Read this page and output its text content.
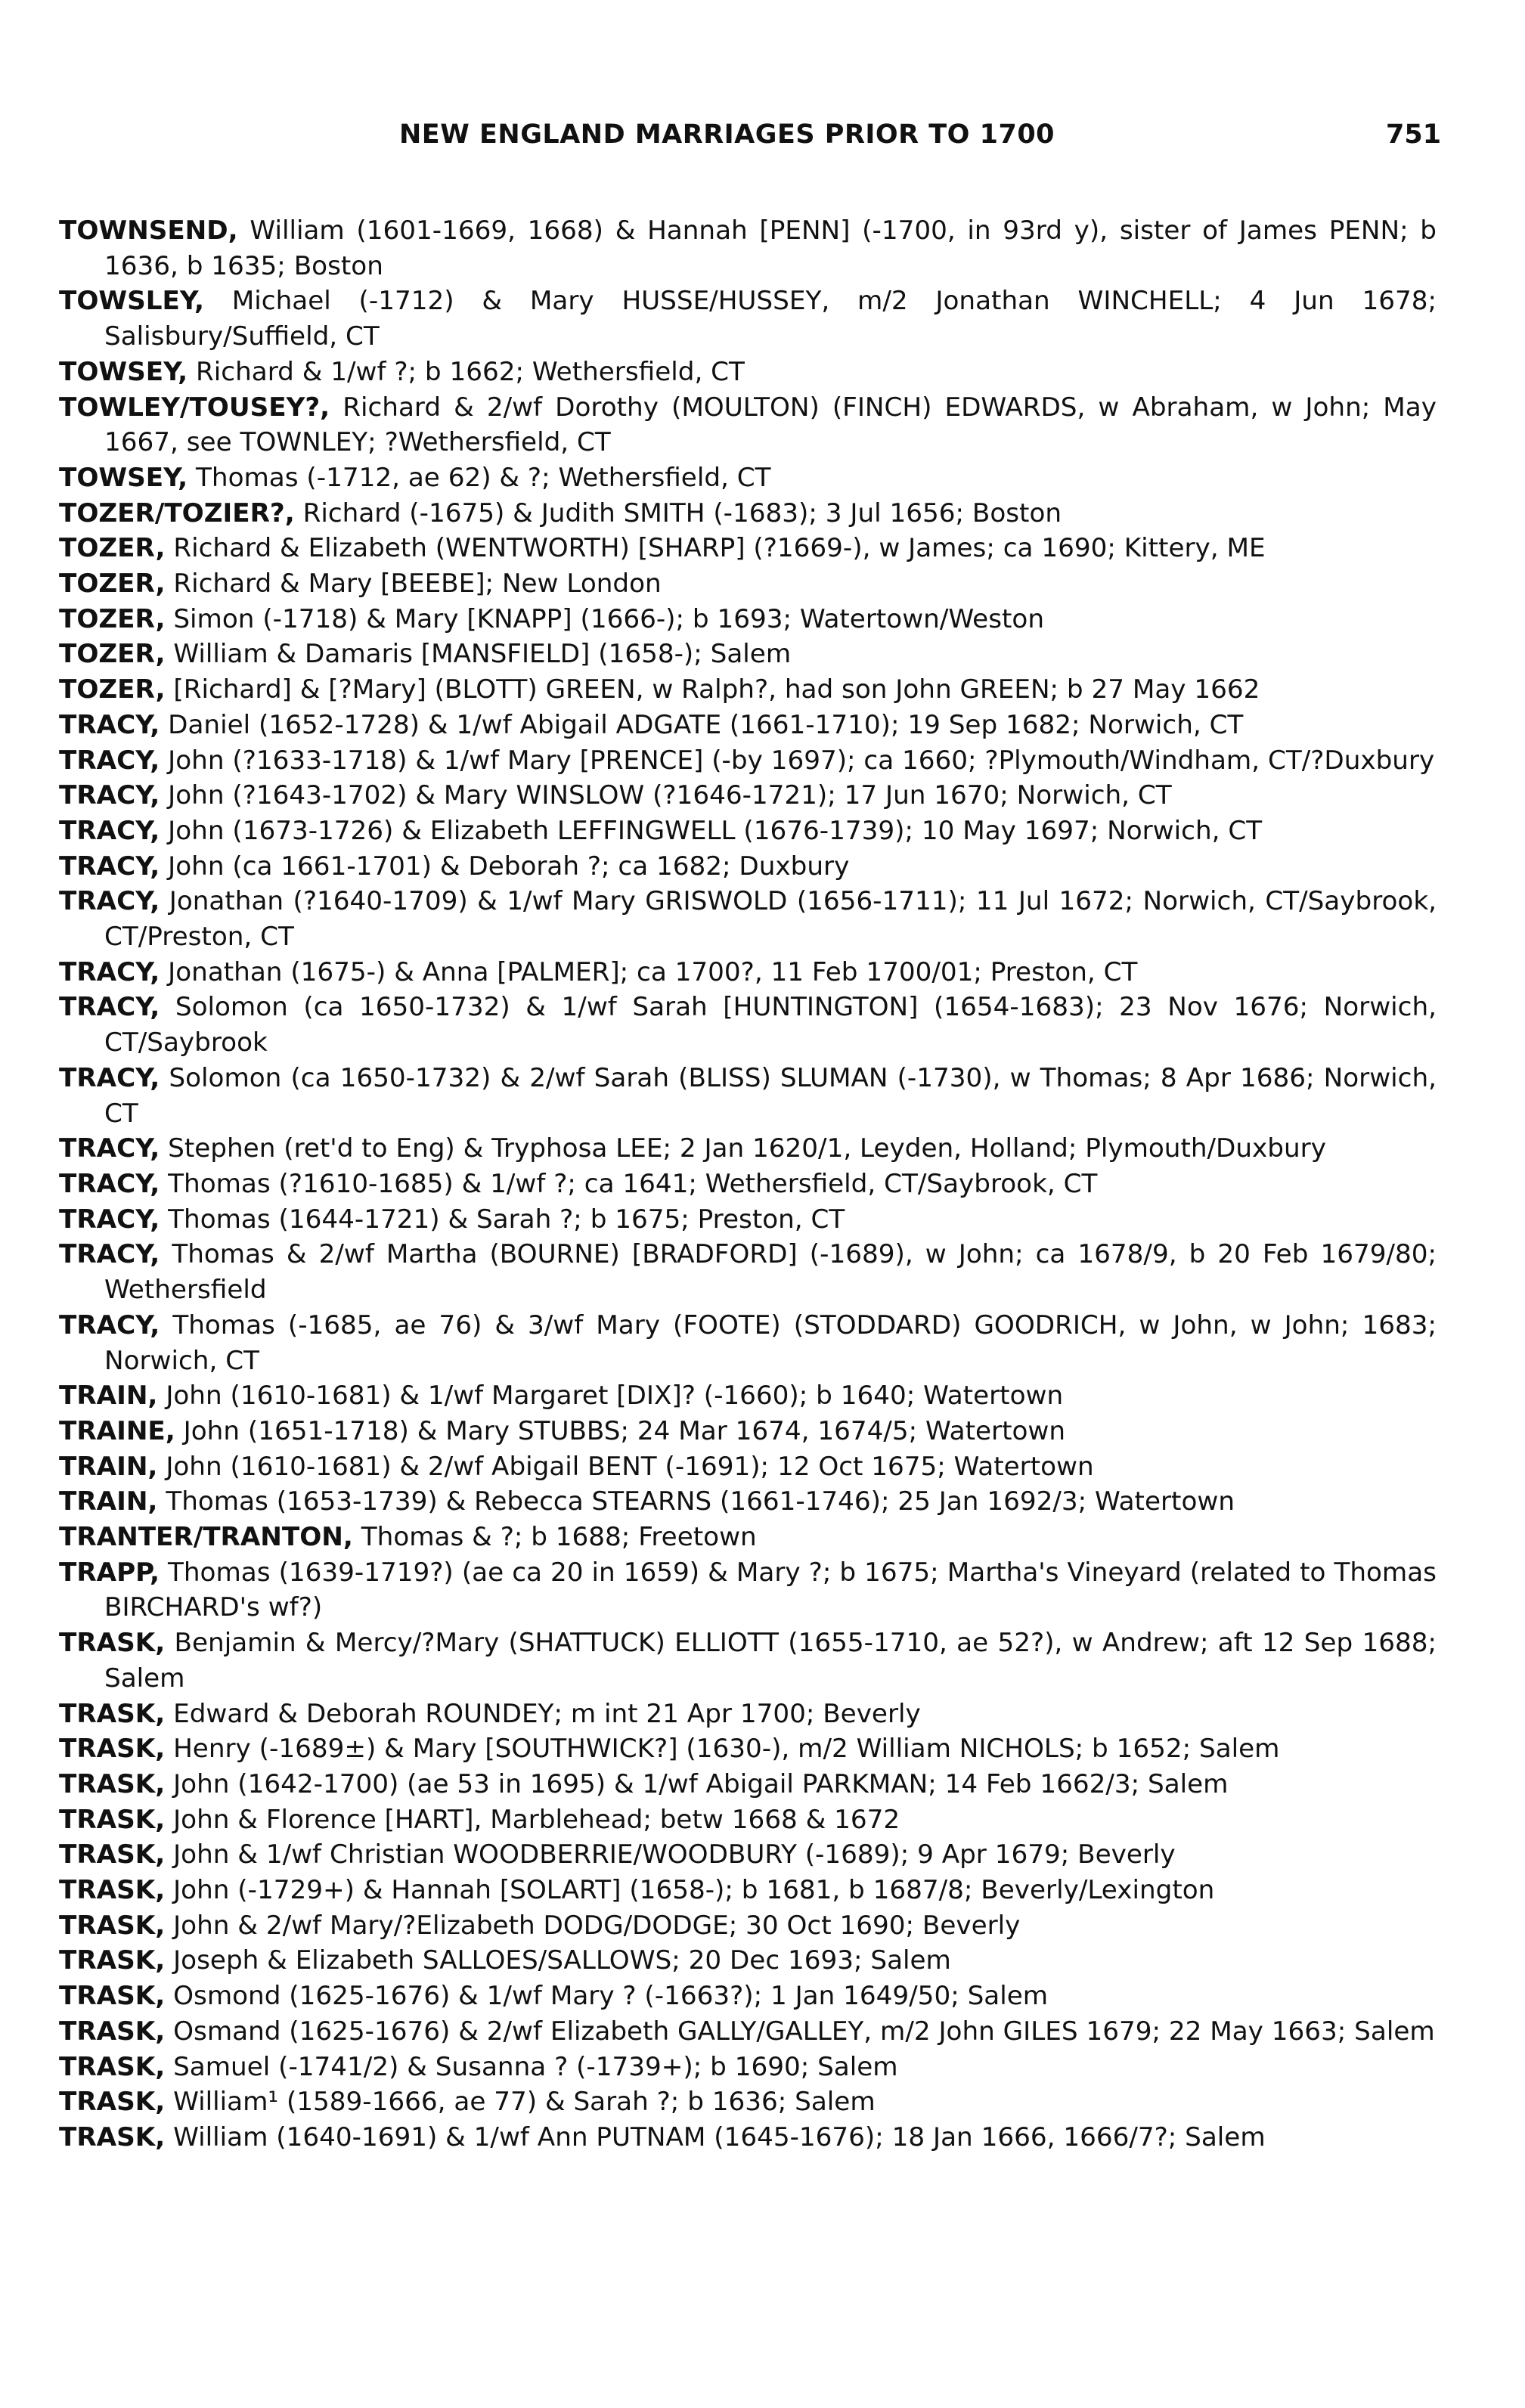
NEW ENGLAND MARRIAGES PRIOR TO 1700	751
TOWNSEND, William (1601-1669, 1668) & Hannah [PENN] (-1700, in 93rd y), sister of James PENN; b 1636, b 1635; Boston
TOWSLEY, Michael (-1712) & Mary HUSSE/HUSSEY, m/2 Jonathan WINCHELL; 4 Jun 1678; Salisbury/Suffield, CT
TOWSEY, Richard & 1/wf ?; b 1662; Wethersfield, CT
TOWLEY/TOUSEY?, Richard & 2/wf Dorothy (MOULTON) (FINCH) EDWARDS, w Abraham, w John; May 1667, see TOWNLEY; ?Wethersfield, CT
TOWSEY, Thomas (-1712, ae 62) & ?; Wethersfield, CT
TOZER/TOZIER?, Richard (-1675) & Judith SMITH (-1683); 3 Jul 1656; Boston
TOZER, Richard & Elizabeth (WENTWORTH) [SHARP] (?1669-), w James; ca 1690; Kittery, ME
TOZER, Richard & Mary [BEEBE]; New London
TOZER, Simon (-1718) & Mary [KNAPP] (1666-); b 1693; Watertown/Weston
TOZER, William & Damaris [MANSFIELD] (1658-); Salem
TOZER, [Richard] & [?Mary] (BLOTT) GREEN, w Ralph?, had son John GREEN; b 27 May 1662
TRACY, Daniel (1652-1728) & 1/wf Abigail ADGATE (1661-1710); 19 Sep 1682; Norwich, CT
TRACY, John (?1633-1718) & 1/wf Mary [PRENCE] (-by 1697); ca 1660; ?Plymouth/Windham, CT/?Duxbury
TRACY, John (?1643-1702) & Mary WINSLOW (?1646-1721); 17 Jun 1670; Norwich, CT
TRACY, John (1673-1726) & Elizabeth LEFFINGWELL (1676-1739); 10 May 1697; Norwich, CT
TRACY, John (ca 1661-1701) & Deborah ?; ca 1682; Duxbury
TRACY, Jonathan (?1640-1709) & 1/wf Mary GRISWOLD (1656-1711); 11 Jul 1672; Norwich, CT/Saybrook, CT/Preston, CT
TRACY, Jonathan (1675-) & Anna [PALMER]; ca 1700?, 11 Feb 1700/01; Preston, CT
TRACY, Solomon (ca 1650-1732) & 1/wf Sarah [HUNTINGTON] (1654-1683); 23 Nov 1676; Norwich, CT/Saybrook
TRACY, Solomon (ca 1650-1732) & 2/wf Sarah (BLISS) SLUMAN (-1730), w Thomas; 8 Apr 1686; Norwich, CT
TRACY, Stephen (ret'd to Eng) & Tryphosa LEE; 2 Jan 1620/1, Leyden, Holland; Plymouth/Duxbury
TRACY, Thomas (?1610-1685) & 1/wf ?; ca 1641; Wethersfield, CT/Saybrook, CT
TRACY, Thomas (1644-1721) & Sarah ?; b 1675; Preston, CT
TRACY, Thomas & 2/wf Martha (BOURNE) [BRADFORD] (-1689), w John; ca 1678/9, b 20 Feb 1679/80; Wethersfield
TRACY, Thomas (-1685, ae 76) & 3/wf Mary (FOOTE) (STODDARD) GOODRICH, w John, w John; 1683; Norwich, CT
TRAIN, John (1610-1681) & 1/wf Margaret [DIX]? (-1660); b 1640; Watertown
TRAINE, John (1651-1718) & Mary STUBBS; 24 Mar 1674, 1674/5; Watertown
TRAIN, John (1610-1681) & 2/wf Abigail BENT (-1691); 12 Oct 1675; Watertown
TRAIN, Thomas (1653-1739) & Rebecca STEARNS (1661-1746); 25 Jan 1692/3; Watertown
TRANTER/TRANTON, Thomas & ?; b 1688; Freetown
TRAPP, Thomas (1639-1719?) (ae ca 20 in 1659) & Mary ?; b 1675; Martha's Vineyard (related to Thomas BIRCHARD's wf?)
TRASK, Benjamin & Mercy/?Mary (SHATTUCK) ELLIOTT (1655-1710, ae 52?), w Andrew; aft 12 Sep 1688; Salem
TRASK, Edward & Deborah ROUNDEY; m int 21 Apr 1700; Beverly
TRASK, Henry (-1689±) & Mary [SOUTHWICK?] (1630-), m/2 William NICHOLS; b 1652; Salem
TRASK, John (1642-1700) (ae 53 in 1695) & 1/wf Abigail PARKMAN; 14 Feb 1662/3; Salem
TRASK, John & Florence [HART], Marblehead; betw 1668 & 1672
TRASK, John & 1/wf Christian WOODBERRIE/WOODBURY (-1689); 9 Apr 1679; Beverly
TRASK, John (-1729+) & Hannah [SOLART] (1658-); b 1681, b 1687/8; Beverly/Lexington
TRASK, John & 2/wf Mary/?Elizabeth DODG/DODGE; 30 Oct 1690; Beverly
TRASK, Joseph & Elizabeth SALLOES/SALLOWS; 20 Dec 1693; Salem
TRASK, Osmond (1625-1676) & 1/wf Mary ? (-1663?); 1 Jan 1649/50; Salem
TRASK, Osmand (1625-1676) & 2/wf Elizabeth GALLY/GALLEY, m/2 John GILES 1679; 22 May 1663; Salem
TRASK, Samuel (-1741/2) & Susanna ? (-1739+); b 1690; Salem
TRASK, William¹ (1589-1666, ae 77) & Sarah ?; b 1636; Salem
TRASK, William (1640-1691) & 1/wf Ann PUTNAM (1645-1676); 18 Jan 1666, 1666/7?; Salem
